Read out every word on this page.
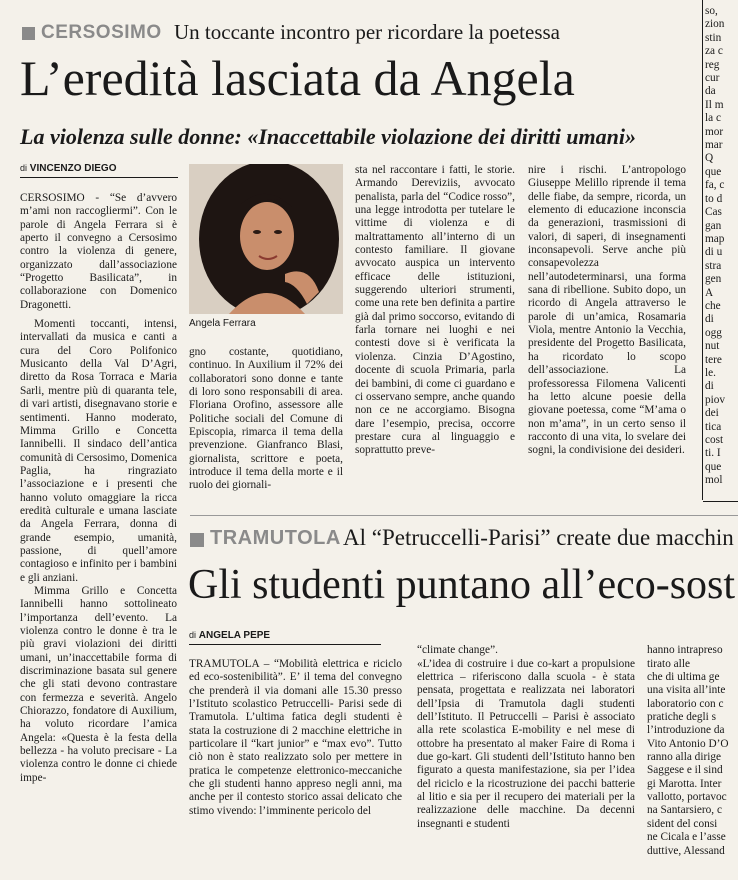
CERSOSIMO Un toccante incontro per ricordare la poetessa
L’eredità lasciata da Angela
La violenza sulle donne: «Inaccettabile violazione dei diritti umani»
di VINCENZO DIEGO

CERSOSIMO - “Se d’avvero m’ami non raccogliermi”. Con le parole di Angela Ferrara si è aperto il convegno a Cersosimo contro la violenza di genere, organizzato dall’associazione “Progetto Basilicata”, in collaborazione con Domenico Dragonetti.

Momenti toccanti, intensi, intervallati da musica e canti a cura del Coro Polifonico Musicanto della Val D’Agri, diretto da Rosa Torraca e Maria Sarli, mentre più di quaranta tele, di vari artisti, disegnavano storie e sentimenti. Hanno moderato, Mimma Grillo e Concetta Iannibelli. Il sindaco dell’antica comunità di Cersosimo, Domenica Paglia, ha ringraziato l’associazione e i presenti che hanno voluto omaggiare la ricca eredità culturale e umana lasciate da Angela Ferrara, donna di grande esempio, umanità, passione, di quell’amore contagioso e infinito per i bambini e gli anziani.

Mimma Grillo e Concetta Iannibelli hanno sottolineato l’importanza dell’evento. La violenza contro le donne è tra le più gravi violazioni dei diritti umani, un’inaccettabile forma di discriminazione basata sul genere che gli stati devono contrastare con fermezza e severità. Angelo Chiorazzo, fondatore di Auxilium, ha voluto ricordare l’amica Angela: «Questa è la festa della bellezza - ha voluto precisare - La violenza contro le donne ci chiede impe-

Angela Ferrara

gno costante, quotidiano, continuo. In Auxilium il 72% dei collaboratori sono donne e tante di loro sono responsabili di area. Floriana Orofino, assessore alle Politiche sociali del Comune di Episcopia, rimarca il tema della prevenzione. Gianfranco Blasi, giornalista, scrittore e poeta, introduce il tema della morte e il ruolo dei giornali-

sta nel raccontare i fatti, le storie. Armando Dereviziis, avvocato penalista, parla del “Codice rosso”, una legge introdotta per tutelare le vittime di violenza e di maltrattamento all’interno di un contesto familiare. Il giovane avvocato auspica un intervento efficace delle istituzioni, suggerendo ulteriori strumenti, come una rete ben definita a partire già dal primo soccorso, evitando di farla tornare nei luoghi e nei contesti dove si è verificata la violenza. Cinzia D’Agostino, docente di scuola Primaria, parla dei bambini, di come ci guardano e ci osservano sempre, anche quando non ce ne accorgiamo. Bisogna dare l’esempio, precisa, occorre prestare cura al linguaggio e soprattutto preve-

nire i rischi. L’antropologo Giuseppe Melillo riprende il tema delle fiabe, da sempre, ricorda, un elemento di educazione inconscia da generazioni, trasmissioni di valori, di saperi, di insegnamenti inconsapevoli. Serve anche più consapevolezza nell’autodeterminarsi, una forma sana di ribellione. Subito dopo, un ricordo di Angela attraverso le parole di un’amica, Rosamaria Viola, mentre Antonio la Vecchia, presidente del Progetto Basilicata, ha ricordato lo scopo dell’associazione. La professoressa Filomena Valicenti ha letto alcune poesie della giovane poetessa, come “M’ama o non m’ama”, in un certo senso il racconto di una vita, lo svelare dei sogni, la condivisione dei desideri.

so,
zion
stin
za c
reg
cur
da
Il m
la c
mor
mar
Q
que
fa, c
to d
Cas
gan
map
di u
stra
gen
A
che
di
ogg
nut
tere
le.
di
piov
dei
tica
cost
ti. I
que
mol
TRAMUTOLA Al “Petruccelli-Parisi” create due macchin
Gli studenti puntano all’eco-sost
di ANGELA PEPE

TRAMUTOLA – “Mobilità elettrica e riciclo ed eco-sostenibilità”. E’ il tema del convegno che prenderà il via domani alle 15.30 presso l’Istituto scolastico Petruccelli- Parisi sede di Tramutola. L’ultima fatica degli studenti è stata la costruzione di 2 macchine elettriche in particolare il “kart junior” e “max evo”. Tutto ciò non è stato realizzato solo per mettere in pratica le competenze elettronico-meccaniche che gli studenti hanno appreso negli anni, ma anche per il contesto storico assai delicato che stimo vivendo: l’imminente pericolo del

“climate change”.
«L’idea di costruire i due co-kart a propulsione elettrica – riferiscono dalla scuola - è stata pensata, progettata e realizzata nei laboratori dell’Ipsia di Tramutola dagli studenti dell’Istituto. Il Petruccelli – Parisi è associato alla rete scolastica E-mobility e nel mese di ottobre ha presentato al maker Faire di Roma i due go-kart. Gli studenti dell’Istituto hanno ben figurato a questa manifestazione, sia per l’idea del riciclo e la ricostruzione dei pacchi batterie al litio e sia per il recupero dei materiali per la realizzazione delle macchine. Da decenni insegnanti e studenti

hanno intrapreso
tirato alle
che di ultima ge
una visita all’inte
laboratorio con c
pratiche degli s
l’introduzione da
Vito Antonio D’O
ranno alla dirige
Saggese e il sind
gi Marotta. Inter
vallotto, portavoc
na Santarsiero, c
sident del consi
ne Cicala e l’asse
duttive, Alessand
